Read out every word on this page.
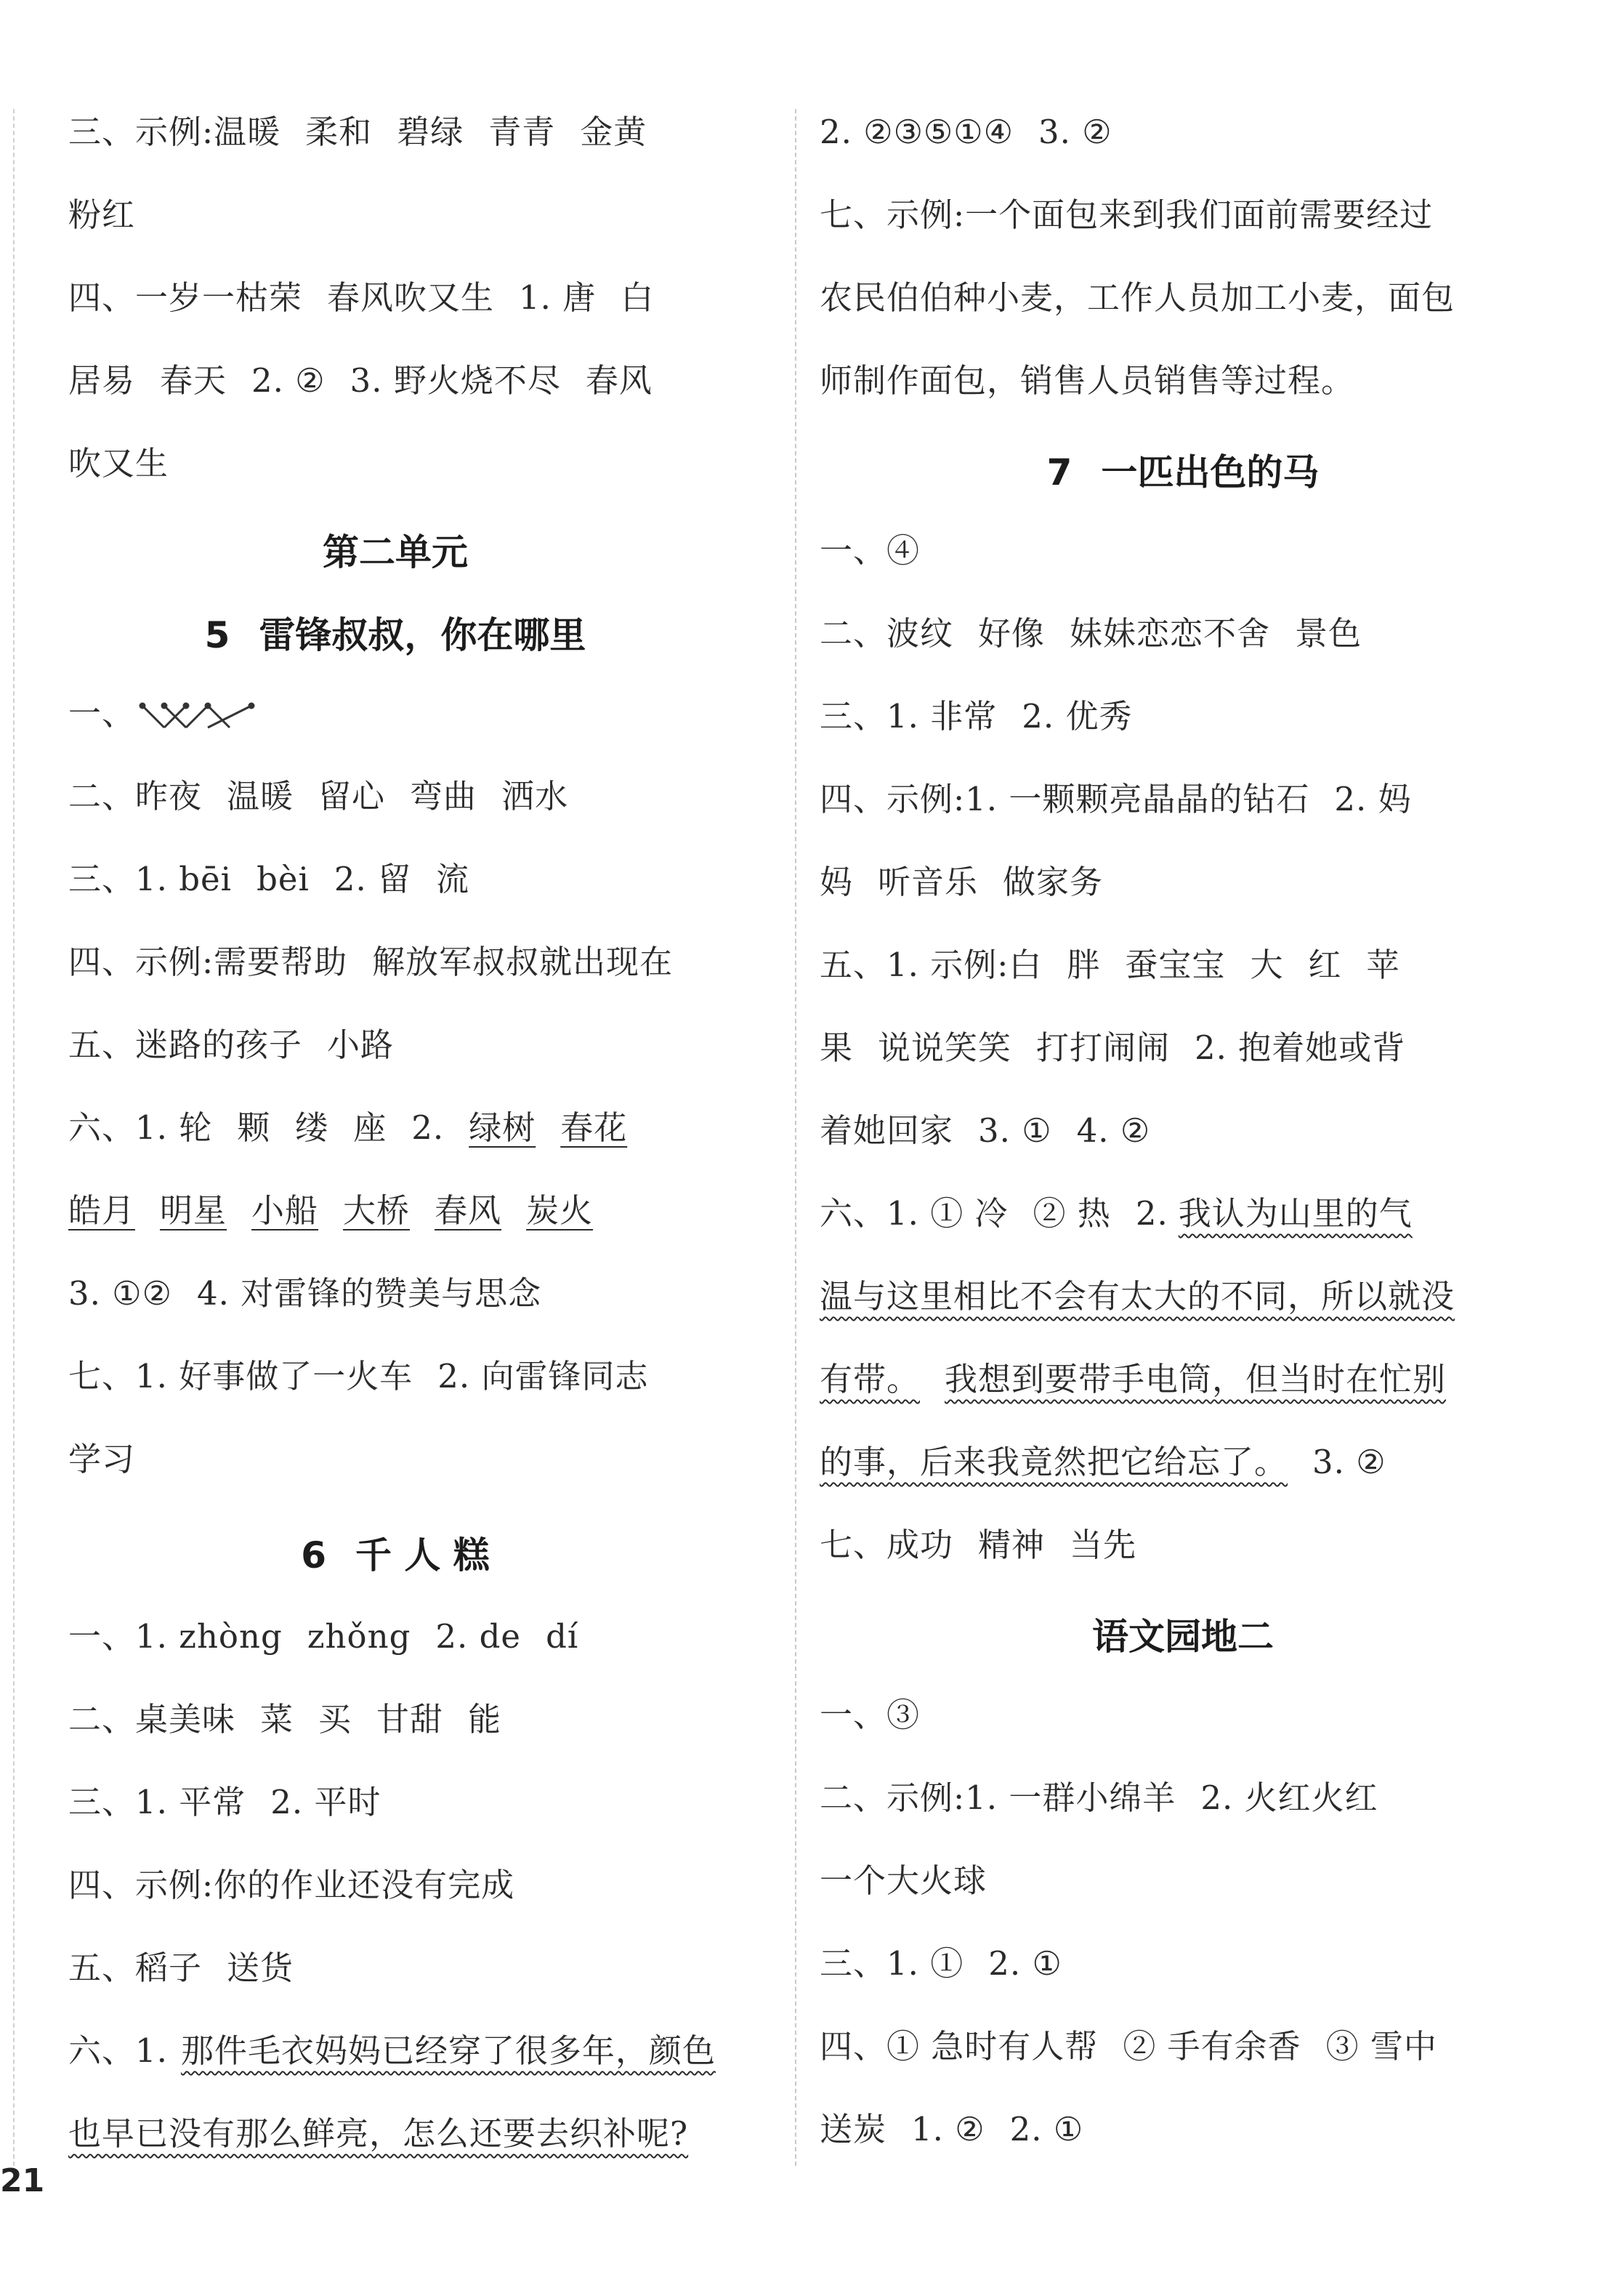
三、示例:温暖 柔和 碧绿 青青 金黄
粉红
四、一岁一枯荣 春风吹又生 1. 唐 白
居易 春天 2. ② 3. 野火烧不尽 春风
吹又生
第二单元
5 雷锋叔叔，你在哪里
一、
二、昨夜 温暖 留心 弯曲 洒水
三、1. bēi bèi 2. 留 流
四、示例:需要帮助 解放军叔叔就出现在
五、迷路的孩子 小路
六、1. 轮 颗 缕 座 2. 绿树 春花
皓月 明星 小船 大桥 春风 炭火
3. ①② 4. 对雷锋的赞美与思念
七、1. 好事做了一火车 2. 向雷锋同志
学习
6 千 人 糕
一、1. zhòng zhǒng 2. de dí
二、桌美味 菜 买 甘甜 能
三、1. 平常 2. 平时
四、示例:你的作业还没有完成
五、稻子 送货
六、1. 那件毛衣妈妈已经穿了很多年，颜色
也早已没有那么鲜亮，怎么还要去织补呢?
2. ②③⑤①④ 3. ②
七、示例:一个面包来到我们面前需要经过
农民伯伯种小麦，工作人员加工小麦，面包
师制作面包，销售人员销售等过程。
7 一匹出色的马
一、④
二、波纹 好像 妹妹恋恋不舍 景色
三、1. 非常 2. 优秀
四、示例:1. 一颗颗亮晶晶的钻石 2. 妈
妈 听音乐 做家务
五、1. 示例:白 胖 蚕宝宝 大 红 苹
果 说说笑笑 打打闹闹 2. 抱着她或背
着她回家 3. ① 4. ②
六、1. ① 冷 ② 热 2. 我认为山里的气
温与这里相比不会有太大的不同，所以就没
有带。 我想到要带手电筒，但当时在忙别
的事，后来我竟然把它给忘了。 3. ②
七、成功 精神 当先
语文园地二
一、③
二、示例:1. 一群小绵羊 2. 火红火红
一个大火球
三、1. ① 2. ①
四、① 急时有人帮 ② 手有余香 ③ 雪中
送炭 1. ② 2. ①
21
